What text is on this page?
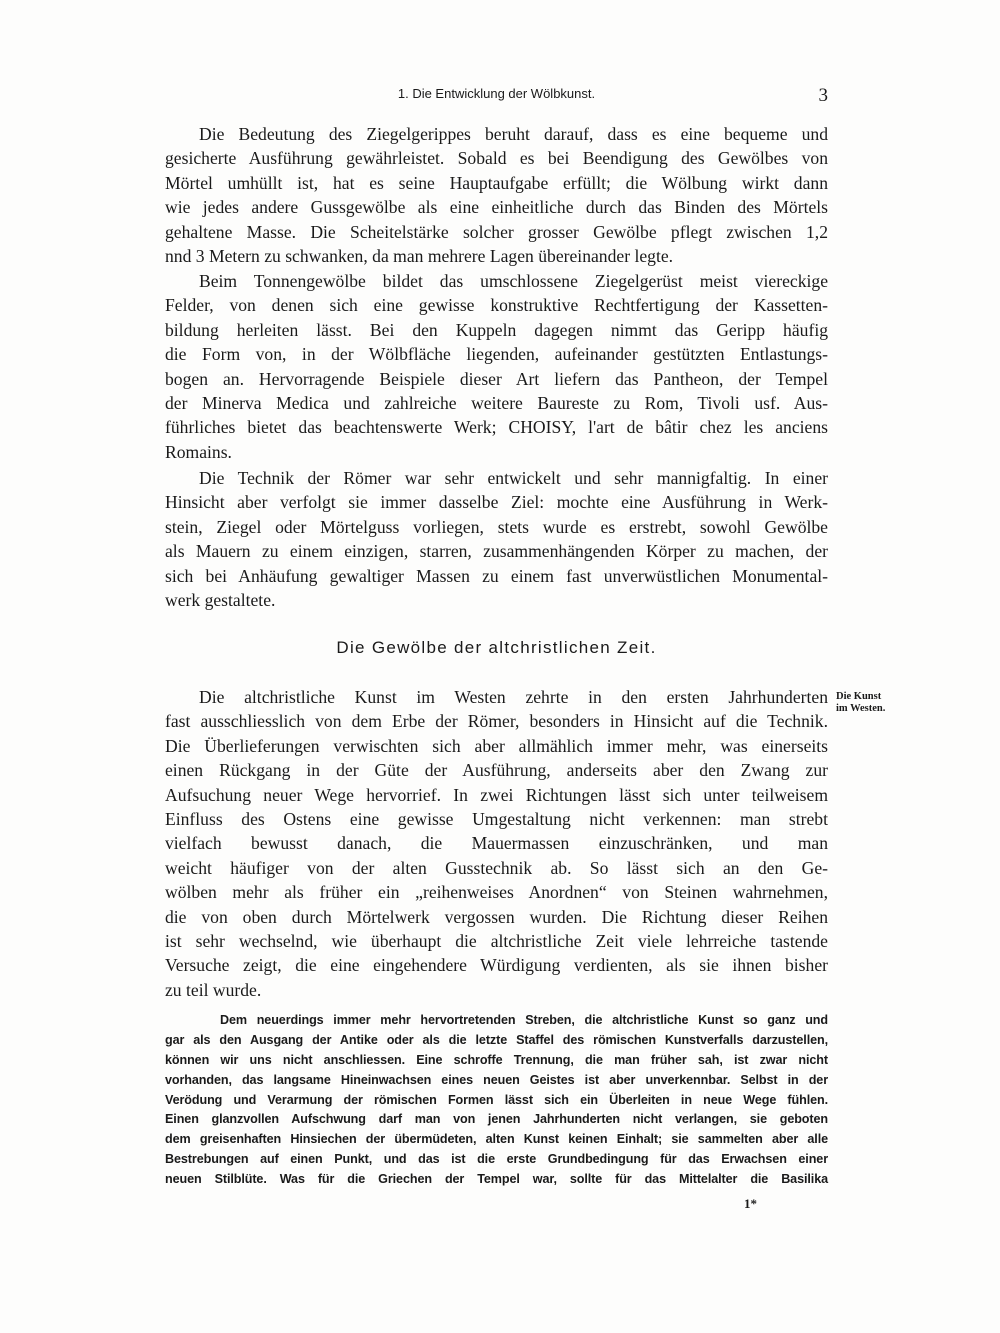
1. Die Entwicklung der Wölbkunst.	3
Die Bedeutung des Ziegelgerippes beruht darauf, dass es eine bequeme und
gesicherte Ausführung gewährleistet. Sobald es bei Beendigung des Gewölbes von
Mörtel umhüllt ist, hat es seine Hauptaufgabe erfüllt; die Wölbung wirkt dann
wie jedes andere Gussgewölbe als eine einheitliche durch das Binden des Mörtels
gehaltene Masse. Die Scheitelstärke solcher grosser Gewölbe pflegt zwischen 1,2
nnd 3 Metern zu schwanken, da man mehrere Lagen übereinander legte.
Beim Tonnengewölbe bildet das umschlossene Ziegelgerüst meist viereckige
Felder, von denen sich eine gewisse konstruktive Rechtfertigung der Kassetten-
bildung herleiten lässt. Bei den Kuppeln dagegen nimmt das Geripp häufig
die Form von, in der Wölbfläche liegenden, aufeinander gestützten Entlastungs-
bogen an. Hervorragende Beispiele dieser Art liefern das Pantheon, der Tempel
der Minerva Medica und zahlreiche weitere Baureste zu Rom, Tivoli usf. Aus-
führliches bietet das beachtenswerte Werk; CHOISY, l'art de bâtir chez les anciens
Romains.
Die Technik der Römer war sehr entwickelt und sehr mannigfaltig. In einer
Hinsicht aber verfolgt sie immer dasselbe Ziel: mochte eine Ausführung in Werk-
stein, Ziegel oder Mörtelguss vorliegen, stets wurde es erstrebt, sowohl Gewölbe
als Mauern zu einem einzigen, starren, zusammenhängenden Körper zu machen, der
sich bei Anhäufung gewaltiger Massen zu einem fast unverwüstlichen Monumental-
werk gestaltete.
Die Gewölbe der altchristlichen Zeit.
Die Kunst
im Westen.
Die altchristliche Kunst im Westen zehrte in den ersten Jahrhunderten
fast ausschliesslich von dem Erbe der Römer, besonders in Hinsicht auf die Technik.
Die Überlieferungen verwischten sich aber allmählich immer mehr, was einerseits
einen Rückgang in der Güte der Ausführung, anderseits aber den Zwang zur
Aufsuchung neuer Wege hervorrief. In zwei Richtungen lässt sich unter teilweisem
Einfluss des Ostens eine gewisse Umgestaltung nicht verkennen: man strebt
vielfach bewusst danach, die Mauermassen einzuschränken, und man
weicht häufiger von der alten Gusstechnik ab. So lässt sich an den Ge-
wölben mehr als früher ein „reihenweises Anordnen“ von Steinen wahrnehmen,
die von oben durch Mörtelwerk vergossen wurden. Die Richtung dieser Reihen
ist sehr wechselnd, wie überhaupt die altchristliche Zeit viele lehrreiche tastende
Versuche zeigt, die eine eingehendere Würdigung verdienten, als sie ihnen bisher
zu teil wurde.
Dem neuerdings immer mehr hervortretenden Streben, die altchristliche Kunst so ganz und
gar als den Ausgang der Antike oder als die letzte Staffel des römischen Kunstverfalls darzustellen,
können wir uns nicht anschliessen. Eine schroffe Trennung, die man früher sah, ist zwar nicht
vorhanden, das langsame Hineinwachsen eines neuen Geistes ist aber unverkennbar. Selbst in der
Verödung und Verarmung der römischen Formen lässt sich ein Überleiten in neue Wege fühlen.
Einen glanzvollen Aufschwung darf man von jenen Jahrhunderten nicht verlangen, sie geboten
dem greisenhaften Hinsiechen der übermüdeten, alten Kunst keinen Einhalt; sie sammelten aber alle
Bestrebungen auf einen Punkt, und das ist die erste Grundbedingung für das Erwachsen einer
neuen Stilblüte. Was für die Griechen der Tempel war, sollte für das Mittelalter die Basilika
1*
